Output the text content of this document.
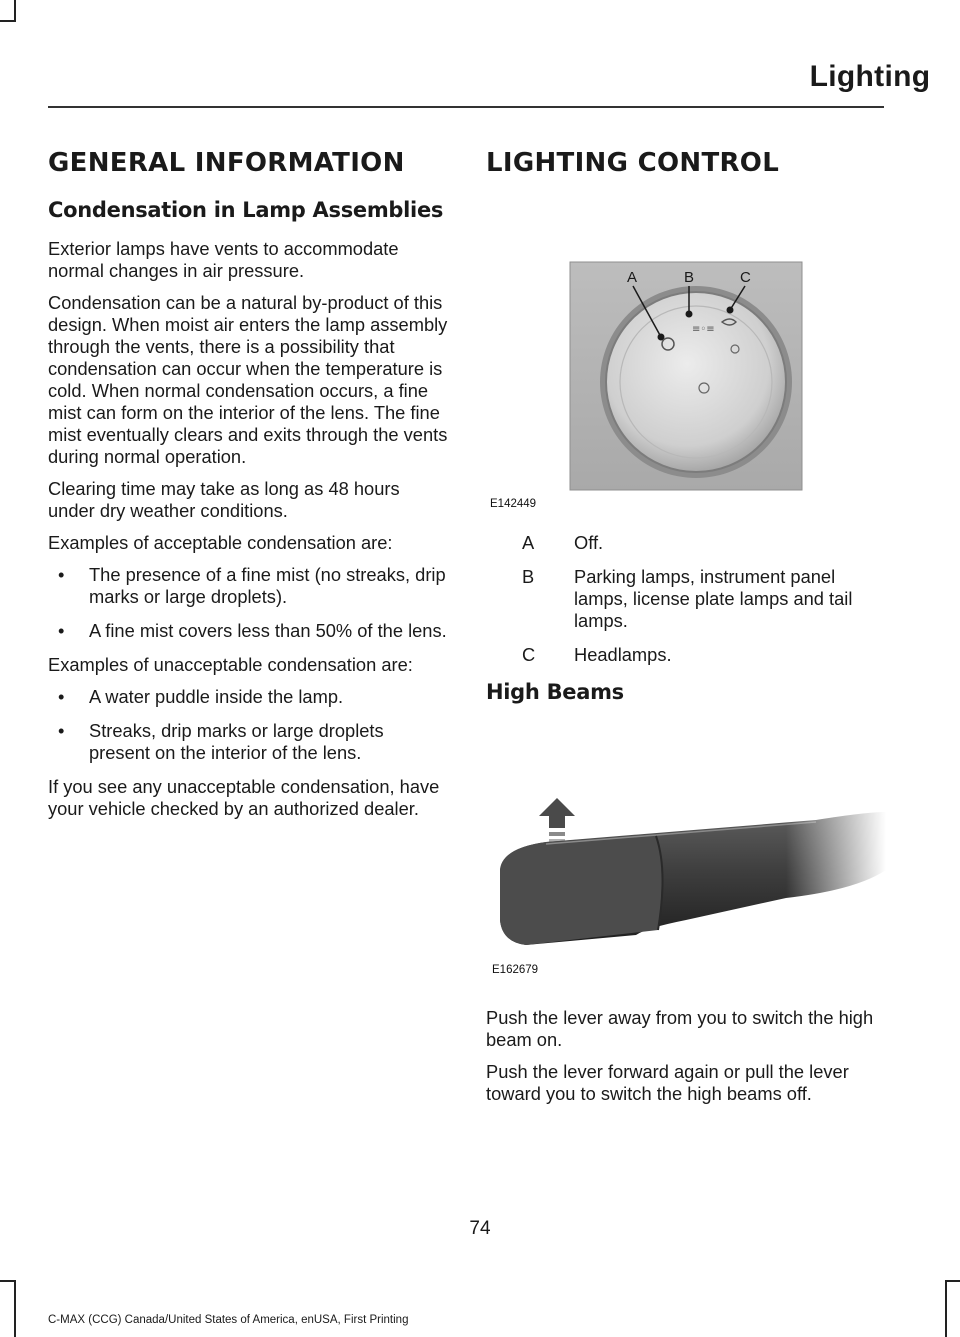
Lighting
GENERAL INFORMATION
Condensation in Lamp Assemblies

Exterior lamps have vents to accommodate normal changes in air pressure.

Condensation can be a natural by-product of this design. When moist air enters the lamp assembly through the vents, there is a possibility that condensation can occur when the temperature is cold. When normal condensation occurs, a fine mist can form on the interior of the lens. The fine mist eventually clears and exits through the vents during normal operation.

Clearing time may take as long as 48 hours under dry weather conditions.

Examples of acceptable condensation are:

• The presence of a fine mist (no streaks, drip marks or large droplets).
• A fine mist covers less than 50% of the lens.

Examples of unacceptable condensation are:

• A water puddle inside the lamp.
• Streaks, drip marks or large droplets present on the interior of the lens.

If you see any unacceptable condensation, have your vehicle checked by an authorized dealer.

LIGHTING CONTROL
≡◦≡
A	B	C
E142449
A	Off.
B	Parking lamps, instrument panel lamps, license plate lamps and tail lamps.
C	Headlamps.
High Beams
E162679

Push the lever away from you to switch the high beam on.

Push the lever forward again or pull the lever toward you to switch the high beams off.

74
C-MAX (CCG) Canada/United States of America, enUSA, First Printing
